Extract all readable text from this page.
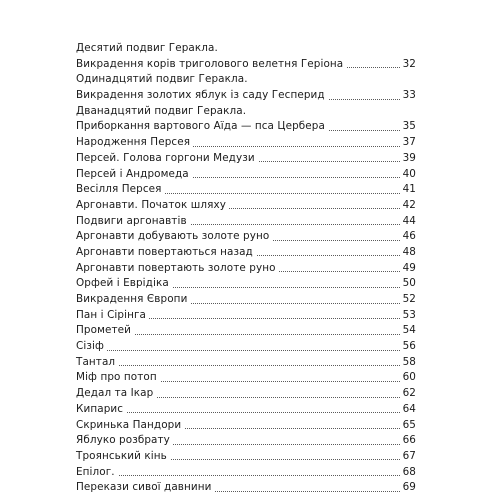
Десятий подвиг Геракла.
Викрадення корів триголового велетня Геріона	32
Одинадцятий подвиг Геракла.
Викрадення золотих яблук із саду Гесперид	33
Дванадцятий подвиг Геракла.
Приборкання вартового Аїда — пса Цербера	35
Народження Персея	37
Персей. Голова горгони Медузи	39
Персей і Андромеда	40
Весілля Персея	41
Аргонавти. Початок шляху	42
Подвиги аргонавтів	44
Аргонавти добувають золоте руно	46
Аргонавти повертаються назад	48
Аргонавти повертають золоте руно	49
Орфей і Еврідіка	50
Викрадення Європи	52
Пан і Сірінга	53
Прометей	54
Сізіф	56
Тантал	58
Міф про потоп	60
Дедал та Ікар	62
Кипарис	64
Скринька Пандори	65
Яблуко розбрату	66
Троянський кінь	67
Епілог.	68
Перекази сивої давнини	69
